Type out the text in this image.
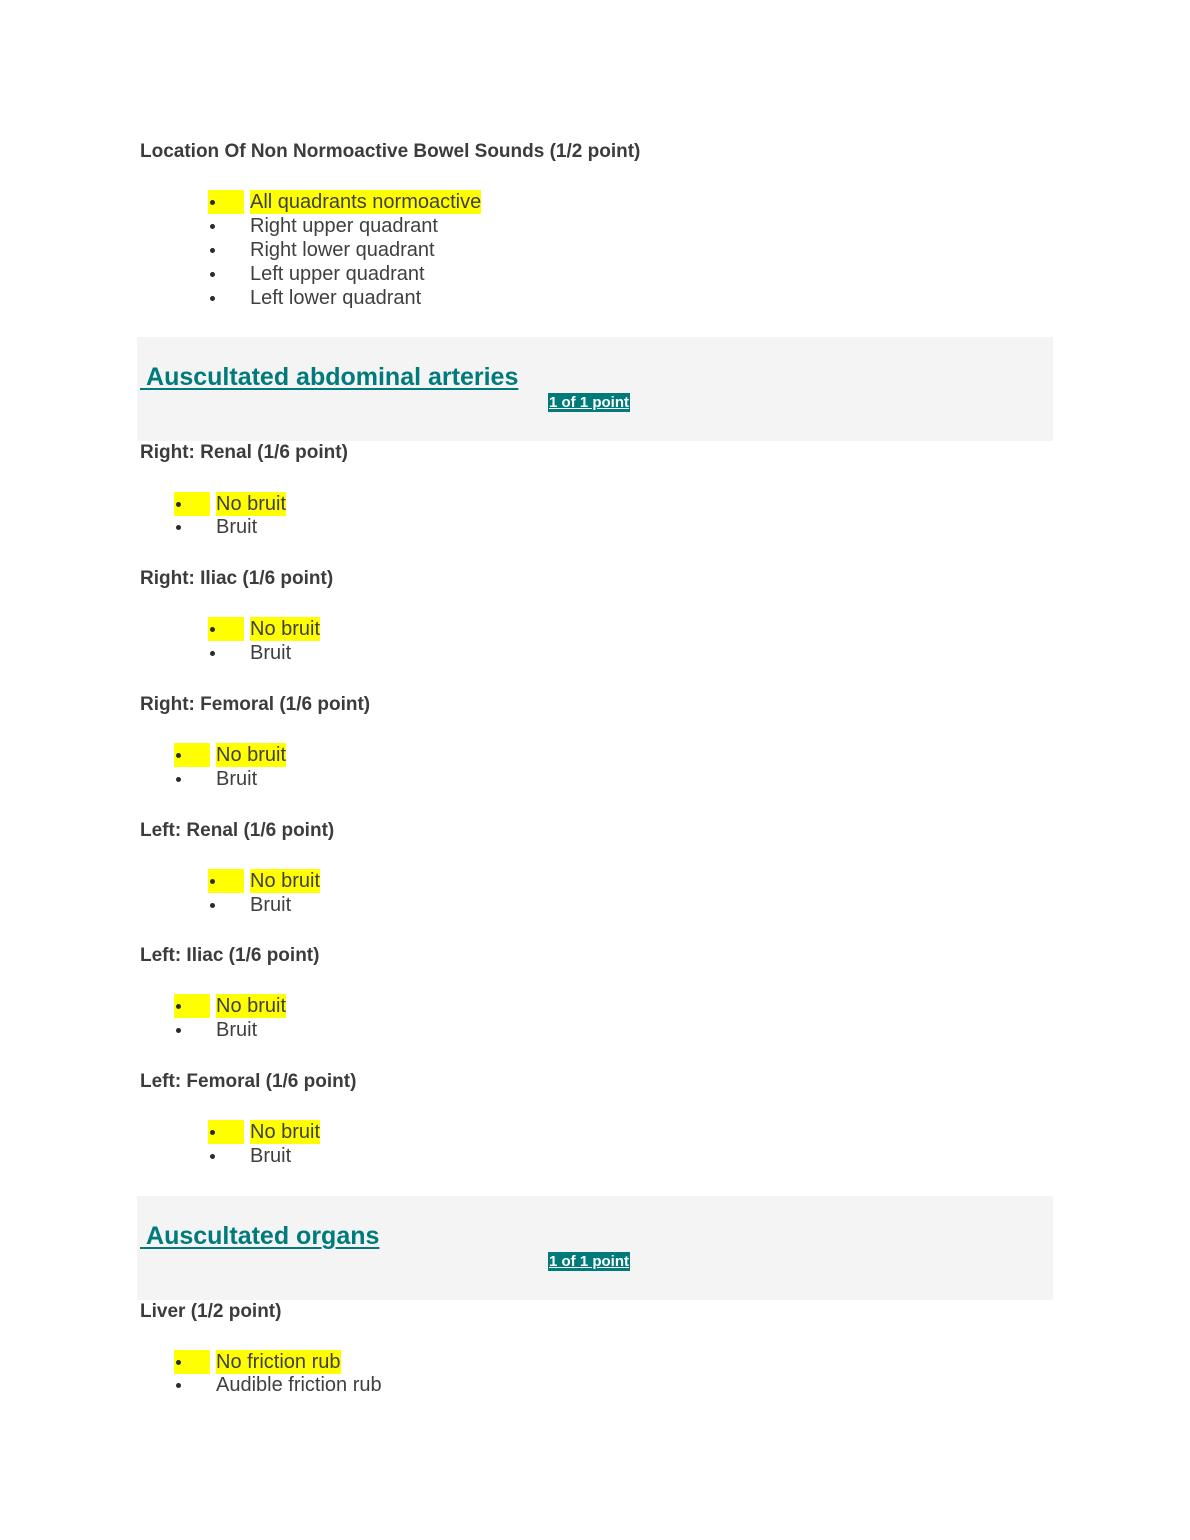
Location Of Non Normoactive Bowel Sounds (1/2 point)
All quadrants normoactive
Right upper quadrant
Right lower quadrant
Left upper quadrant
Left lower quadrant
Auscultated abdominal arteries
1 of 1 point
Right: Renal (1/6 point)
No bruit
Bruit
Right: Iliac (1/6 point)
No bruit
Bruit
Right: Femoral (1/6 point)
No bruit
Bruit
Left: Renal (1/6 point)
No bruit
Bruit
Left: Iliac (1/6 point)
No bruit
Bruit
Left: Femoral (1/6 point)
No bruit
Bruit
Auscultated organs
1 of 1 point
Liver (1/2 point)
No friction rub
Audible friction rub
